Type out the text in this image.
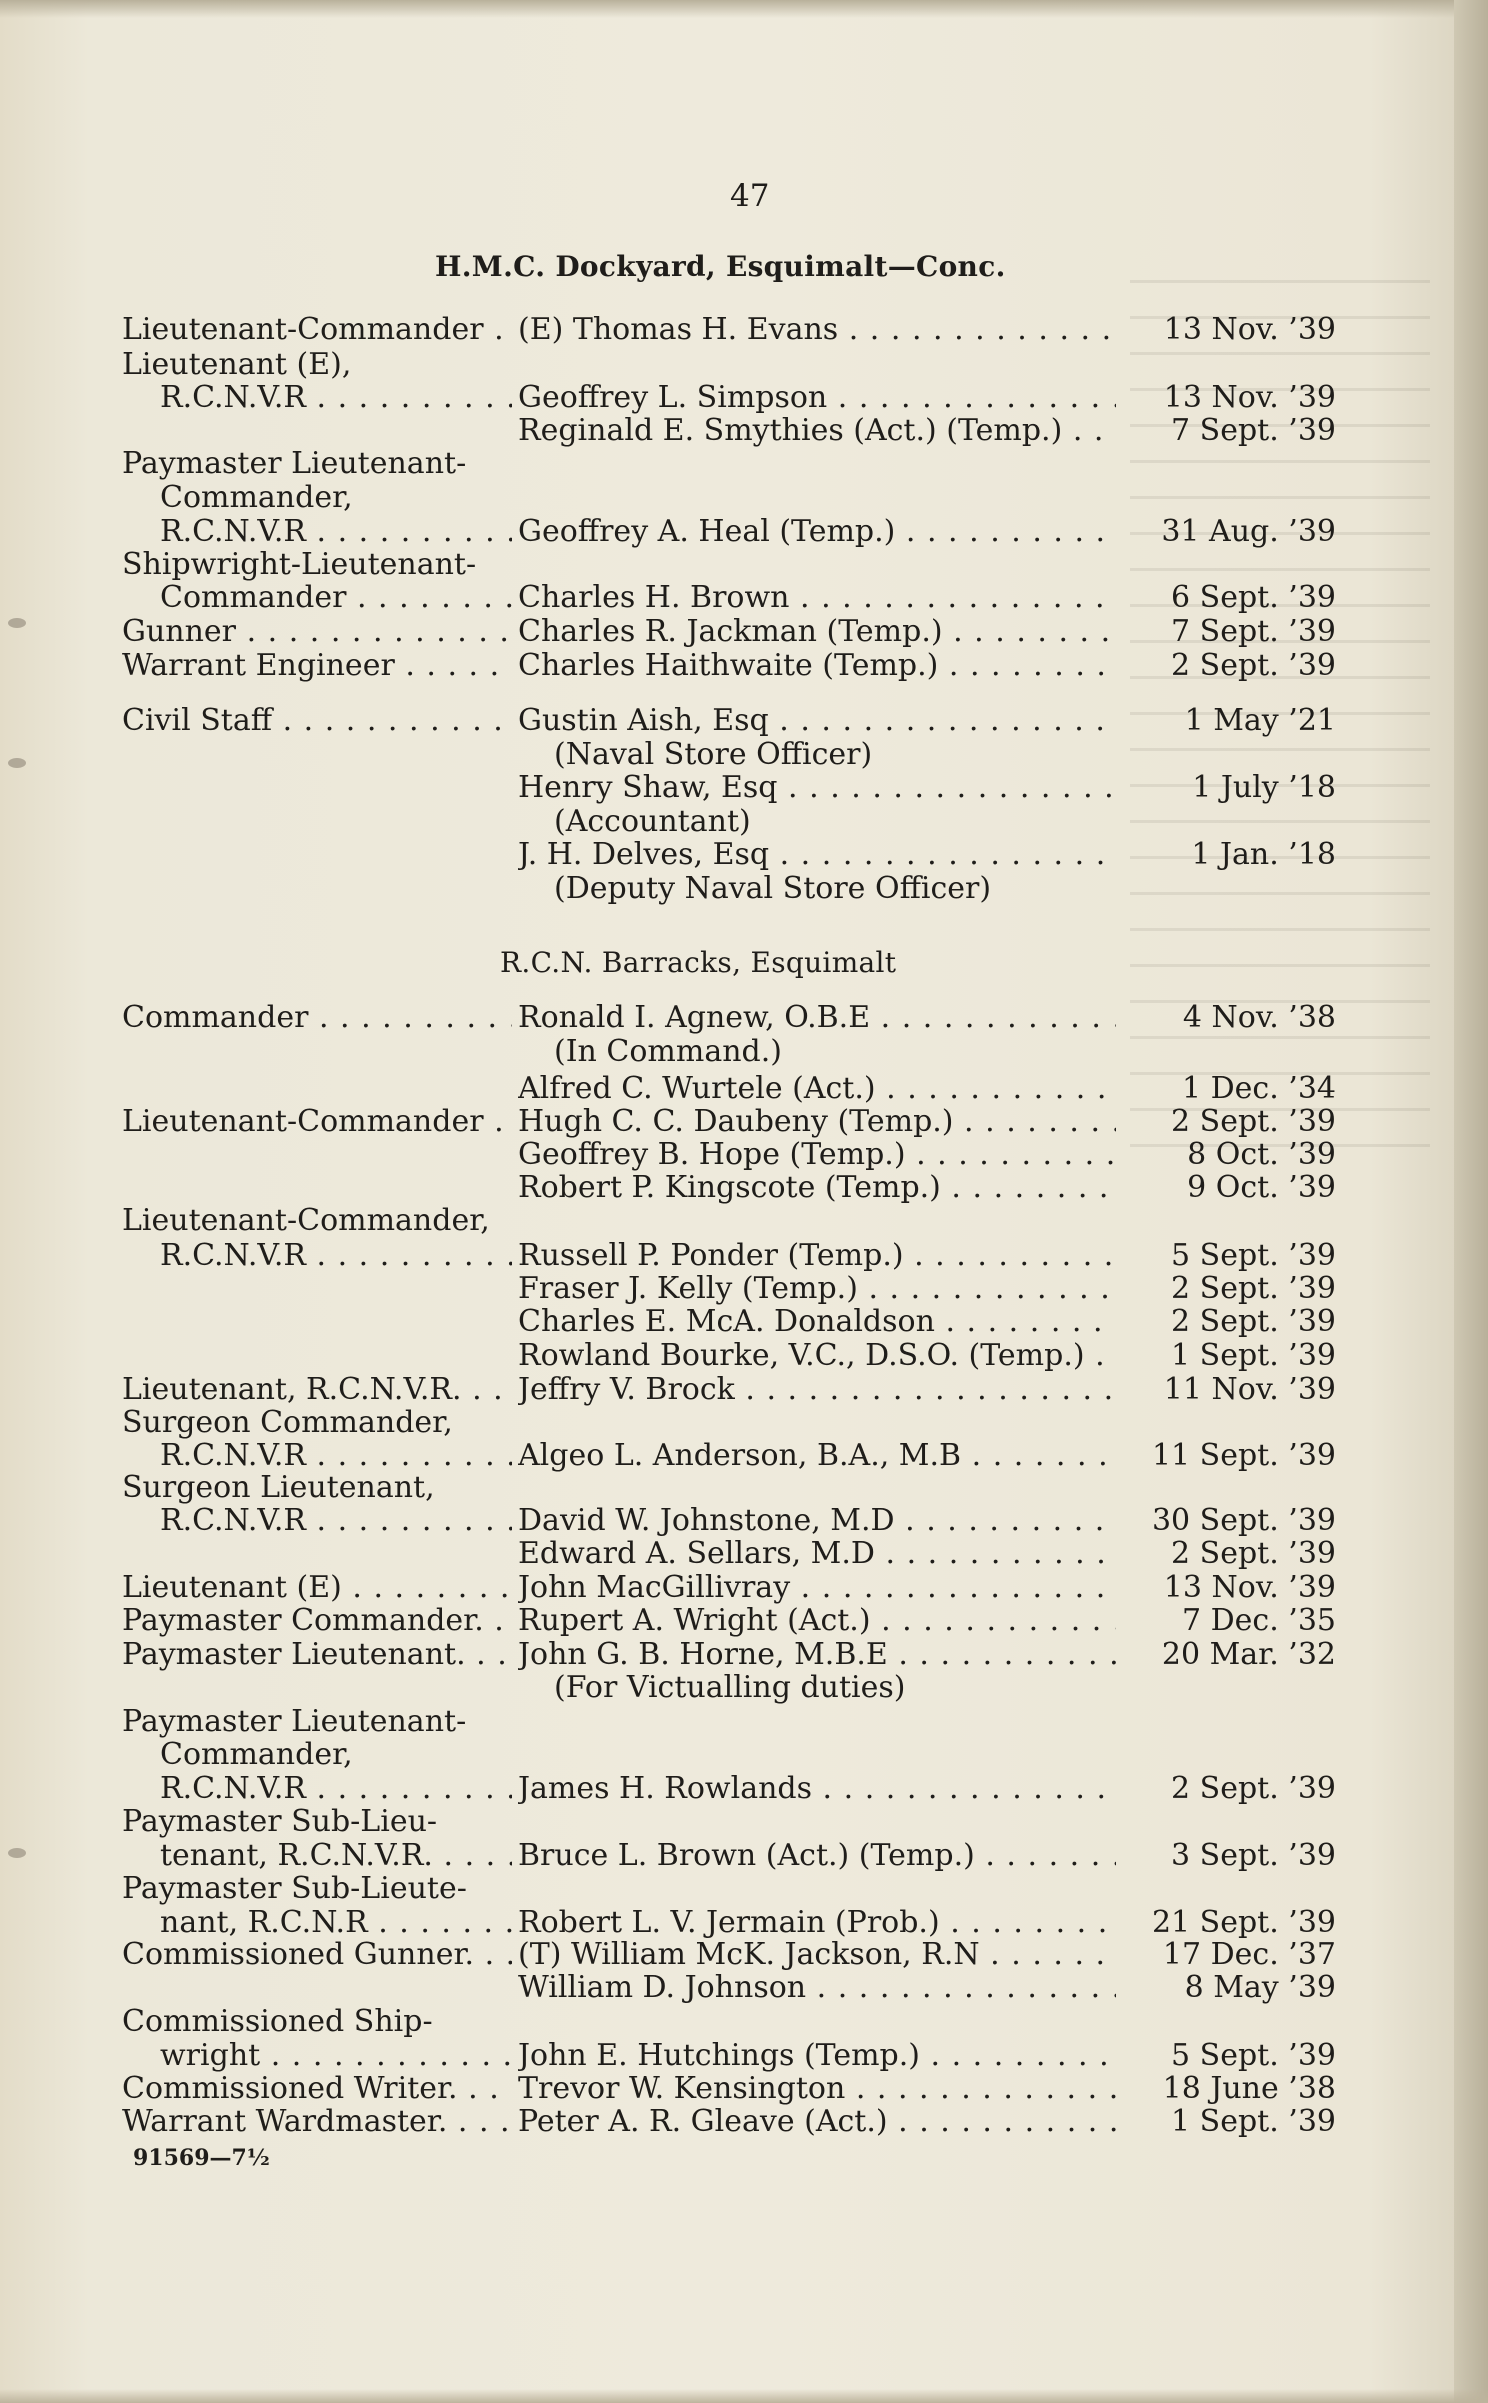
47
H.M.C. Dockyard, Esquimalt—Conc.
Lieutenant-Commander . . .	(E) Thomas H. Evans . . .	13 Nov. ’39
Lieutenant (E),
R.C.N.V.R . . .	Geoffrey L. Simpson . . .	13 Nov. ’39
Reginald E. Smythies (Act.) (Temp.) . . .	7 Sept. ’39
Paymaster Lieutenant-
Commander,
R.C.N.V.R . . .	Geoffrey A. Heal (Temp.) . . .	31 Aug. ’39
Shipwright-Lieutenant-
Commander . . .	Charles H. Brown . . .	6 Sept. ’39
Gunner . . .	Charles R. Jackman (Temp.) . . .	7 Sept. ’39
Warrant Engineer . . .	Charles Haithwaite (Temp.) . . .	2 Sept. ’39
Civil Staff . . .	Gustin Aish, Esq . . .	1 May ’21
(Naval Store Officer)
Henry Shaw, Esq . . .	1 July ’18
(Accountant)
J. H. Delves, Esq . . .	1 Jan. ’18
(Deputy Naval Store Officer)
R.C.N. Barracks, Esquimalt
Commander . . .	Ronald I. Agnew, O.B.E . . .	4 Nov. ’38
(In Command.)
Alfred C. Wurtele (Act.) . . .	1 Dec. ’34
Lieutenant-Commander . . .	Hugh C. C. Daubeny (Temp.) . . .	2 Sept. ’39
Geoffrey B. Hope (Temp.) . . .	8 Oct. ’39
Robert P. Kingscote (Temp.) . . .	9 Oct. ’39
Lieutenant-Commander,
R.C.N.V.R . . .	Russell P. Ponder (Temp.) . . .	5 Sept. ’39
Fraser J. Kelly (Temp.) . . .	2 Sept. ’39
Charles E. McA. Donaldson . . .	2 Sept. ’39
Rowland Bourke, V.C., D.S.O. (Temp.) . . .	1 Sept. ’39
Lieutenant, R.C.N.V.R. . . .	Jeffry V. Brock . . .	11 Nov. ’39
Surgeon Commander,
R.C.N.V.R . . .	Algeo L. Anderson, B.A., M.B . . .	11 Sept. ’39
Surgeon Lieutenant,
R.C.N.V.R . . .	David W. Johnstone, M.D . . .	30 Sept. ’39
Edward A. Sellars, M.D . . .	2 Sept. ’39
Lieutenant (E) . . .	John MacGillivray . . .	13 Nov. ’39
Paymaster Commander. . . .	Rupert A. Wright (Act.) . . .	7 Dec. ’35
Paymaster Lieutenant. . . .	John G. B. Horne, M.B.E . . .	20 Mar. ’32
(For Victualling duties)
Paymaster Lieutenant-
Commander,
R.C.N.V.R . . .	James H. Rowlands . . .	2 Sept. ’39
Paymaster Sub-Lieu-
tenant, R.C.N.V.R. . . .	Bruce L. Brown (Act.) (Temp.) . . .	3 Sept. ’39
Paymaster Sub-Lieute-
nant, R.C.N.R . . .	Robert L. V. Jermain (Prob.) . . .	21 Sept. ’39
Commissioned Gunner. . . .	(T) William McK. Jackson, R.N . . .	17 Dec. ’37
William D. Johnson . . .	8 May ’39
Commissioned Ship-
wright . . .	John E. Hutchings (Temp.) . . .	5 Sept. ’39
Commissioned Writer. . . .	Trevor W. Kensington . . .	18 June ’38
Warrant Wardmaster. . . .	Peter A. R. Gleave (Act.) . . .	1 Sept. ’39
91569—7½
